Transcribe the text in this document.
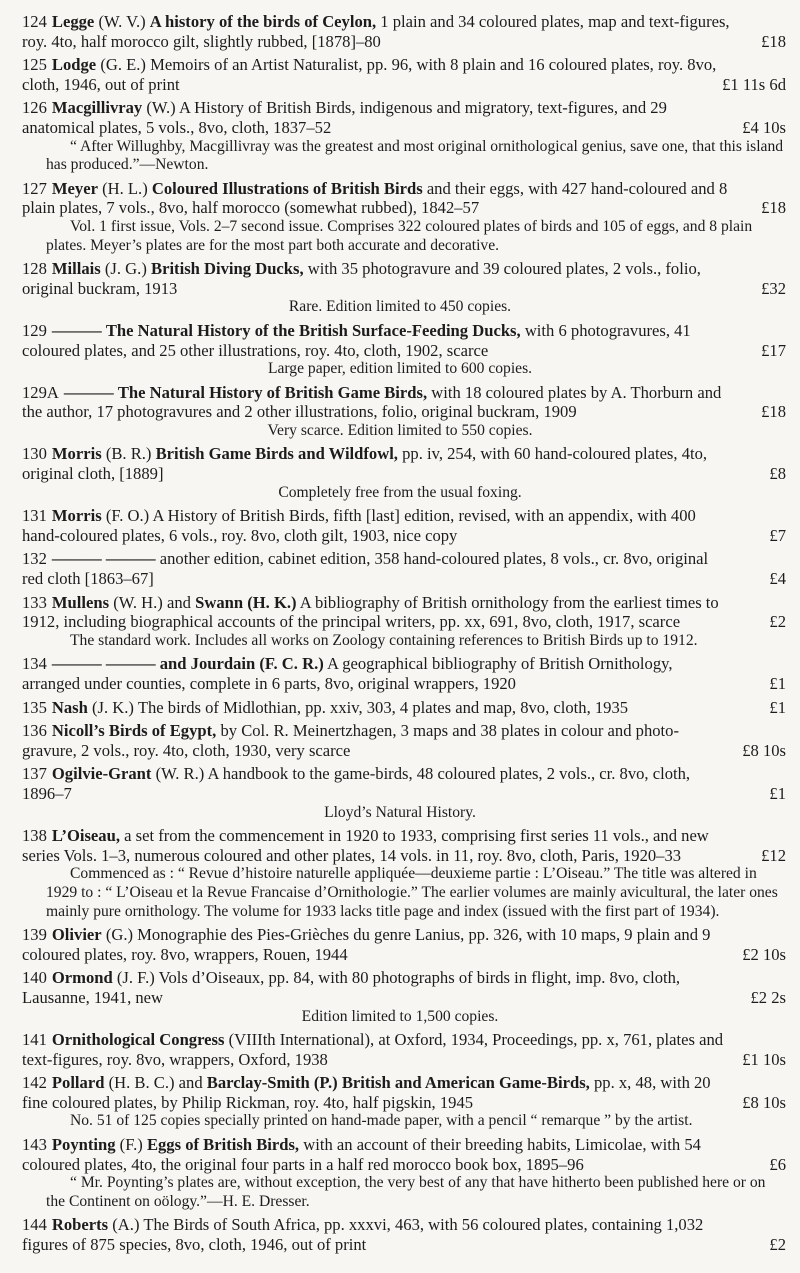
124 Legge (W. V.) A history of the birds of Ceylon, 1 plain and 34 coloured plates, map and text-figures, roy. 4to, half morocco gilt, slightly rubbed, [1878]–80	£18
125 Lodge (G. E.) Memoirs of an Artist Naturalist, pp. 96, with 8 plain and 16 coloured plates, roy. 8vo, cloth, 1946, out of print	£1 11s 6d
126 Macgillivray (W.) A History of British Birds, indigenous and migratory, text-figures, and 29 anatomical plates, 5 vols., 8vo, cloth, 1837–52	£4 10s
“ After Willughby, Macgillivray was the greatest and most original ornithological genius, save one, that this island has produced.”—Newton.
127 Meyer (H. L.) Coloured Illustrations of British Birds and their eggs, with 427 hand-coloured and 8 plain plates, 7 vols., 8vo, half morocco (somewhat rubbed), 1842–57	£18
Vol. 1 first issue, Vols. 2–7 second issue. Comprises 322 coloured plates of birds and 105 of eggs, and 8 plain plates. Meyer’s plates are for the most part both accurate and decorative.
128 Millais (J. G.) British Diving Ducks, with 35 photogravure and 39 coloured plates, 2 vols., folio, original buckram, 1913	£32
Rare. Edition limited to 450 copies.
129 ——— The Natural History of the British Surface-Feeding Ducks, with 6 photogravures, 41 coloured plates, and 25 other illustrations, roy. 4to, cloth, 1902, scarce	£17
Large paper, edition limited to 600 copies.
129A ——— The Natural History of British Game Birds, with 18 coloured plates by A. Thorburn and the author, 17 photogravures and 2 other illustrations, folio, original buckram, 1909	£18
Very scarce. Edition limited to 550 copies.
130 Morris (B. R.) British Game Birds and Wildfowl, pp. iv, 254, with 60 hand-coloured plates, 4to, original cloth, [1889]	£8
Completely free from the usual foxing.
131 Morris (F. O.) A History of British Birds, fifth [last] edition, revised, with an appendix, with 400 hand-coloured plates, 6 vols., roy. 8vo, cloth gilt, 1903, nice copy	£7
132 ——— ——— another edition, cabinet edition, 358 hand-coloured plates, 8 vols., cr. 8vo, original red cloth [1863–67]	£4
133 Mullens (W. H.) and Swann (H. K.) A bibliography of British ornithology from the earliest times to 1912, including biographical accounts of the principal writers, pp. xx, 691, 8vo, cloth, 1917, scarce	£2
The standard work. Includes all works on Zoology containing references to British Birds up to 1912.
134 ——— ——— and Jourdain (F. C. R.) A geographical bibliography of British Ornithology, arranged under counties, complete in 6 parts, 8vo, original wrappers, 1920	£1
135 Nash (J. K.) The birds of Midlothian, pp. xxiv, 303, 4 plates and map, 8vo, cloth, 1935	£1
136 Nicoll’s Birds of Egypt, by Col. R. Meinertzhagen, 3 maps and 38 plates in colour and photo-gravure, 2 vols., roy. 4to, cloth, 1930, very scarce	£8 10s
137 Ogilvie-Grant (W. R.) A handbook to the game-birds, 48 coloured plates, 2 vols., cr. 8vo, cloth, 1896–7	£1
Lloyd’s Natural History.
138 L’Oiseau, a set from the commencement in 1920 to 1933, comprising first series 11 vols., and new series Vols. 1–3, numerous coloured and other plates, 14 vols. in 11, roy. 8vo, cloth, Paris, 1920–33	£12
Commenced as : “ Revue d’histoire naturelle appliquée—deuxieme partie : L’Oiseau.” The title was altered in 1929 to : “ L’Oiseau et la Revue Francaise d’Ornithologie.” The earlier volumes are mainly avicultural, the later ones mainly pure ornithology. The volume for 1933 lacks title page and index (issued with the first part of 1934).
139 Olivier (G.) Monographie des Pies-Grièches du genre Lanius, pp. 326, with 10 maps, 9 plain and 9 coloured plates, roy. 8vo, wrappers, Rouen, 1944	£2 10s
140 Ormond (J. F.) Vols d’Oiseaux, pp. 84, with 80 photographs of birds in flight, imp. 8vo, cloth, Lausanne, 1941, new	£2 2s
Edition limited to 1,500 copies.
141 Ornithological Congress (VIIIth International), at Oxford, 1934, Proceedings, pp. x, 761, plates and text-figures, roy. 8vo, wrappers, Oxford, 1938	£1 10s
142 Pollard (H. B. C.) and Barclay-Smith (P.) British and American Game-Birds, pp. x, 48, with 20 fine coloured plates, by Philip Rickman, roy. 4to, half pigskin, 1945	£8 10s
No. 51 of 125 copies specially printed on hand-made paper, with a pencil “ remarque ” by the artist.
143 Poynting (F.) Eggs of British Birds, with an account of their breeding habits, Limicolae, with 54 coloured plates, 4to, the original four parts in a half red morocco book box, 1895–96	£6
“ Mr. Poynting’s plates are, without exception, the very best of any that have hitherto been published here or on the Continent on oölogy.”—H. E. Dresser.
144 Roberts (A.) The Birds of South Africa, pp. xxxvi, 463, with 56 coloured plates, containing 1,032 figures of 875 species, 8vo, cloth, 1946, out of print	£2
